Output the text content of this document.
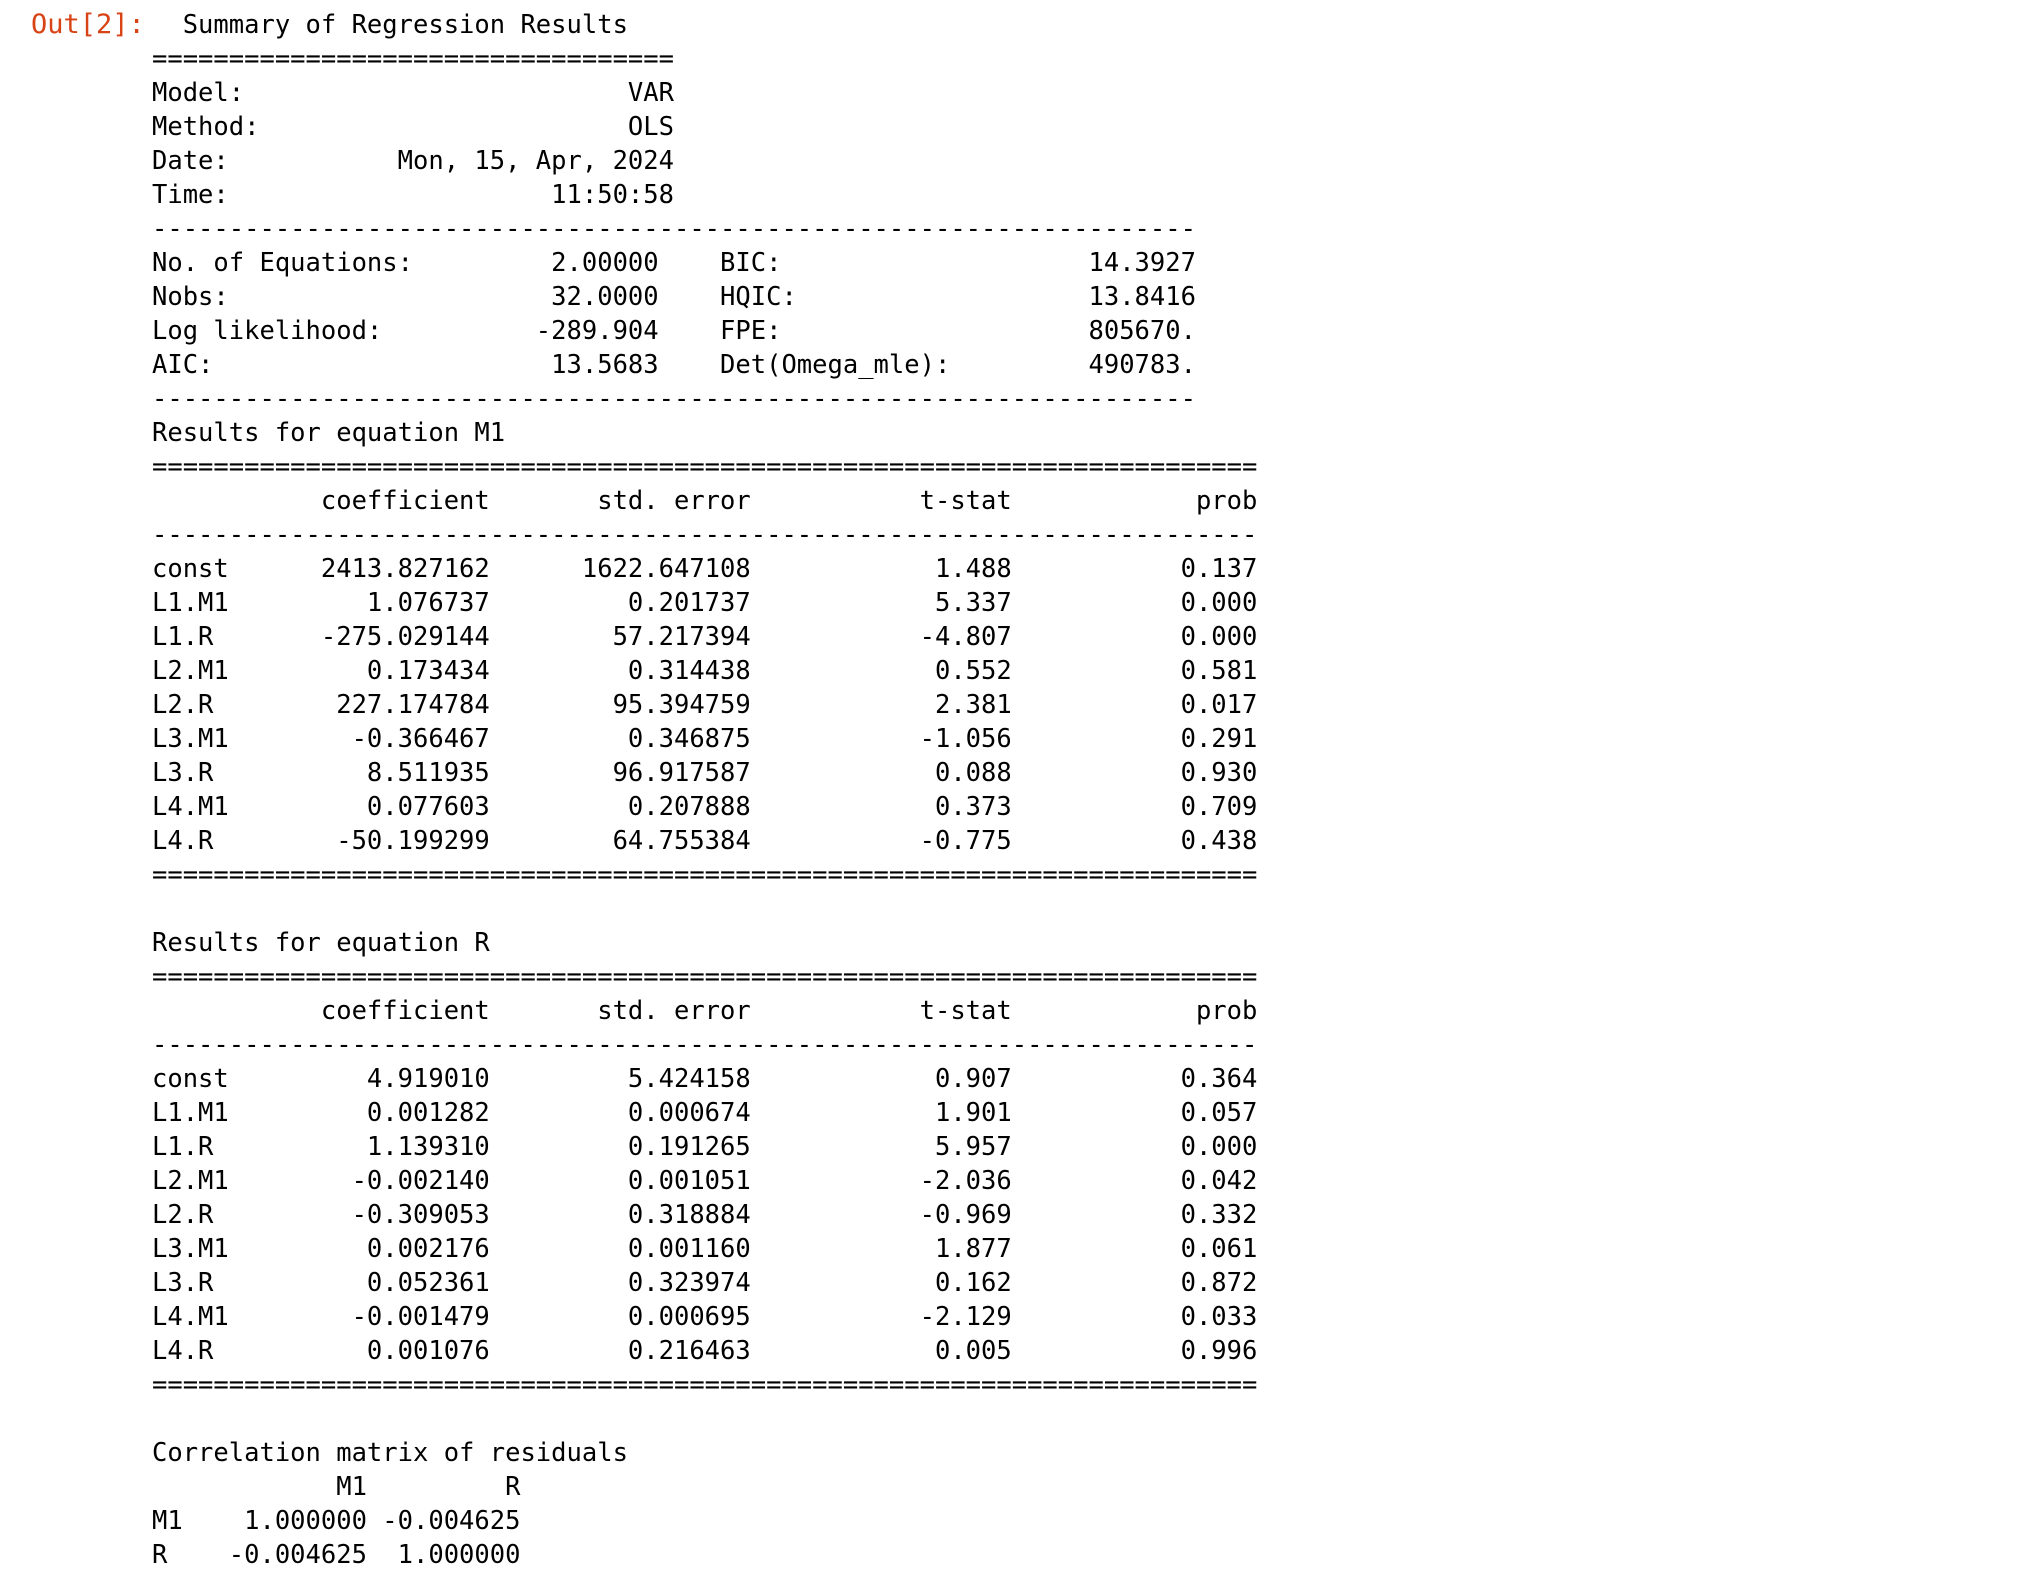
Out[2]: Summary of Regression Results
==================================
Model:                         VAR
Method:                        OLS
Date:           Mon, 15, Apr, 2024
Time:                     11:50:58
--------------------------------------------------------------------
No. of Equations:         2.00000    BIC:                    14.3927
Nobs:                     32.0000    HQIC:                   13.8416
Log likelihood:          -289.904    FPE:                    805670.
AIC:                      13.5683    Det(Omega_mle):         490783.
--------------------------------------------------------------------
Results for equation M1
========================================================================
coefficient       std. error           t-stat            prob
------------------------------------------------------------------------
const      2413.827162      1622.647108            1.488           0.137
L1.M1         1.076737         0.201737            5.337           0.000
L1.R       -275.029144        57.217394           -4.807           0.000
L2.M1         0.173434         0.314438            0.552           0.581
L2.R        227.174784        95.394759            2.381           0.017
L3.M1        -0.366467         0.346875           -1.056           0.291
L3.R          8.511935        96.917587            0.088           0.930
L4.M1         0.077603         0.207888            0.373           0.709
L4.R        -50.199299        64.755384           -0.775           0.438
========================================================================

Results for equation R
========================================================================
coefficient       std. error           t-stat            prob
------------------------------------------------------------------------
const         4.919010         5.424158            0.907           0.364
L1.M1         0.001282         0.000674            1.901           0.057
L1.R          1.139310         0.191265            5.957           0.000
L2.M1        -0.002140         0.001051           -2.036           0.042
L2.R         -0.309053         0.318884           -0.969           0.332
L3.M1         0.002176         0.001160            1.877           0.061
L3.R          0.052361         0.323974            0.162           0.872
L4.M1        -0.001479         0.000695           -2.129           0.033
L4.R          0.001076         0.216463            0.005           0.996
========================================================================

Correlation matrix of residuals
M1         R
M1    1.000000 -0.004625
R    -0.004625  1.000000
